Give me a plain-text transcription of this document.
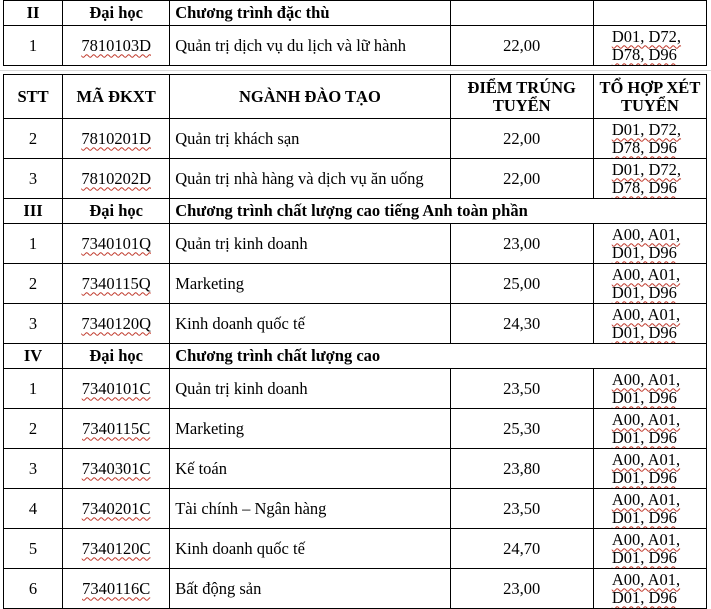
II	Đại học	Chương trình đặc thù		
1	7810103D	Quản trị dịch vụ du lịch và lữ hành	22,00	D01, D72, D78, D96
STT	MÃ ĐKXT	NGÀNH ĐÀO TẠO	ĐIỂM TRÚNG TUYỂN	TỔ HỢP XÉT TUYỂN
2	7810201D	Quản trị khách sạn	22,00	D01, D72, D78, D96

3	7810202D	Quản trị nhà hàng và dịch vụ ăn uống	22,00	D01, D72, D78, D96

III	Đại học	Chương trình chất lượng cao tiếng Anh toàn phần		
1	7340101Q	Quản trị kinh doanh	23,00	A00, A01, D01, D96

2	7340115Q	Marketing	25,00	A00, A01, D01, D96

3	7340120Q	Kinh doanh quốc tế	24,30	A00, A01, D01, D96

IV	Đại học	Chương trình chất lượng cao		
1	7340101C	Quản trị kinh doanh	23,50	A00, A01, D01, D96

2	7340115C	Marketing	25,30	A00, A01, D01, D96

3	7340301C	Kế toán	23,80	A00, A01, D01, D96

4	7340201C	Tài chính – Ngân hàng	23,50	A00, A01, D01, D96

5	7340120C	Kinh doanh quốc tế	24,70	A00, A01, D01, D96

6	7340116C	Bất động sản	23,00	A00, A01, D01, D96
